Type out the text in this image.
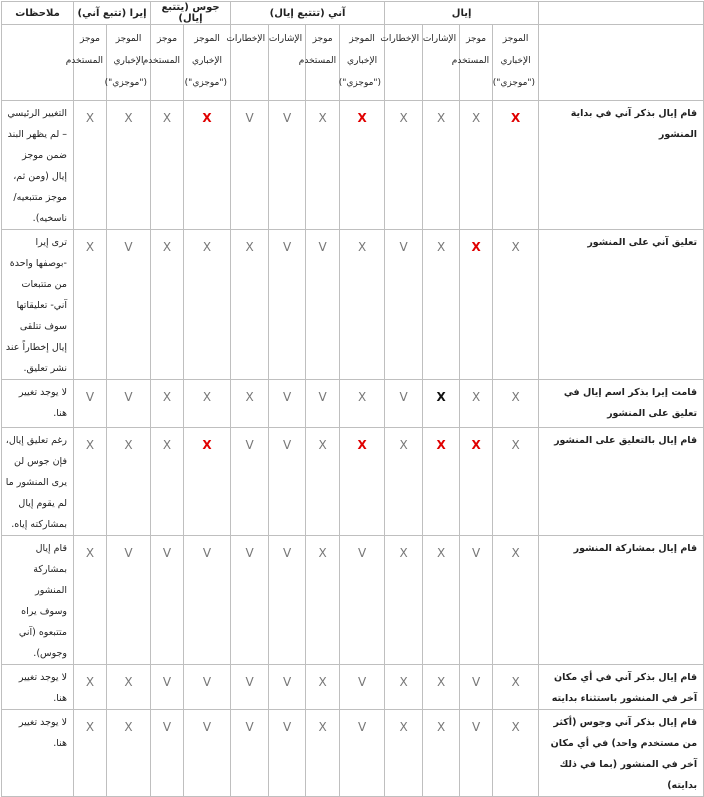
	إيال				آني (تتتبع إيال)				جوس (يتتبع إيال)		إيرا (تتبع آني)		ملاحظات
	الموجز الإخباري ("موجزي")	موجز المستخدم	الإشارات	الإخطارات	الموجز الإخباري ("موجزي")	موجز المستخدم	الإشارات	الإخطارات	الموجز الإخباري ("موجزي")	موجز المستخدم	الموجز الإخباري ("موجزي")	موجز المستخدم	
قام إيال بذكر آني في بداية المنشور	X	X	X	X	X	X	V	V	X	X	X	X	التغيير الرئيسي – لم يظهر البند ضمن موجز إيال (ومن ثم، موجز متتبعيه/ ناسخيه).
تعليق آني على المنشور	X	X	X	V	X	V	V	X	X	X	V	X	ترى إيرا -بوصفها واحدة من متتبعات آني- تعليقاتها سوف تتلقى إيال إخطاراً عند نشر تعليق.
قامت إيرا بذكر اسم إيال في تعليق على المنشور	X	X	X	V	X	V	V	X	X	X	V	V	لا يوجد تغيير هنا.
قام إيال بالتعليق على المنشور	X	X	X	X	X	X	V	V	X	X	X	X	رغم تعليق إيال، فإن جوس لن يرى المنشور ما لم يقوم إيال بمشاركته إياه.
قام إيال بمشاركة المنشور	X	V	X	X	V	X	V	V	V	V	V	X	قام إيال بمشاركة المنشور وسوف يراه متتبعوه (آني وجوس).
قام إيال بذكر آني في أي مكان آخر في المنشور باستثناء بدايته	X	V	X	X	V	X	V	V	V	V	X	X	لا يوجد تغيير هنا.
قام إيال بذكر آني وجوس (أكثر من مستخدم واحد) في أي مكان آخر في المنشور (بما في ذلك بدايته)	X	V	X	X	V	X	V	V	V	V	X	X	لا يوجد تغيير هنا.
